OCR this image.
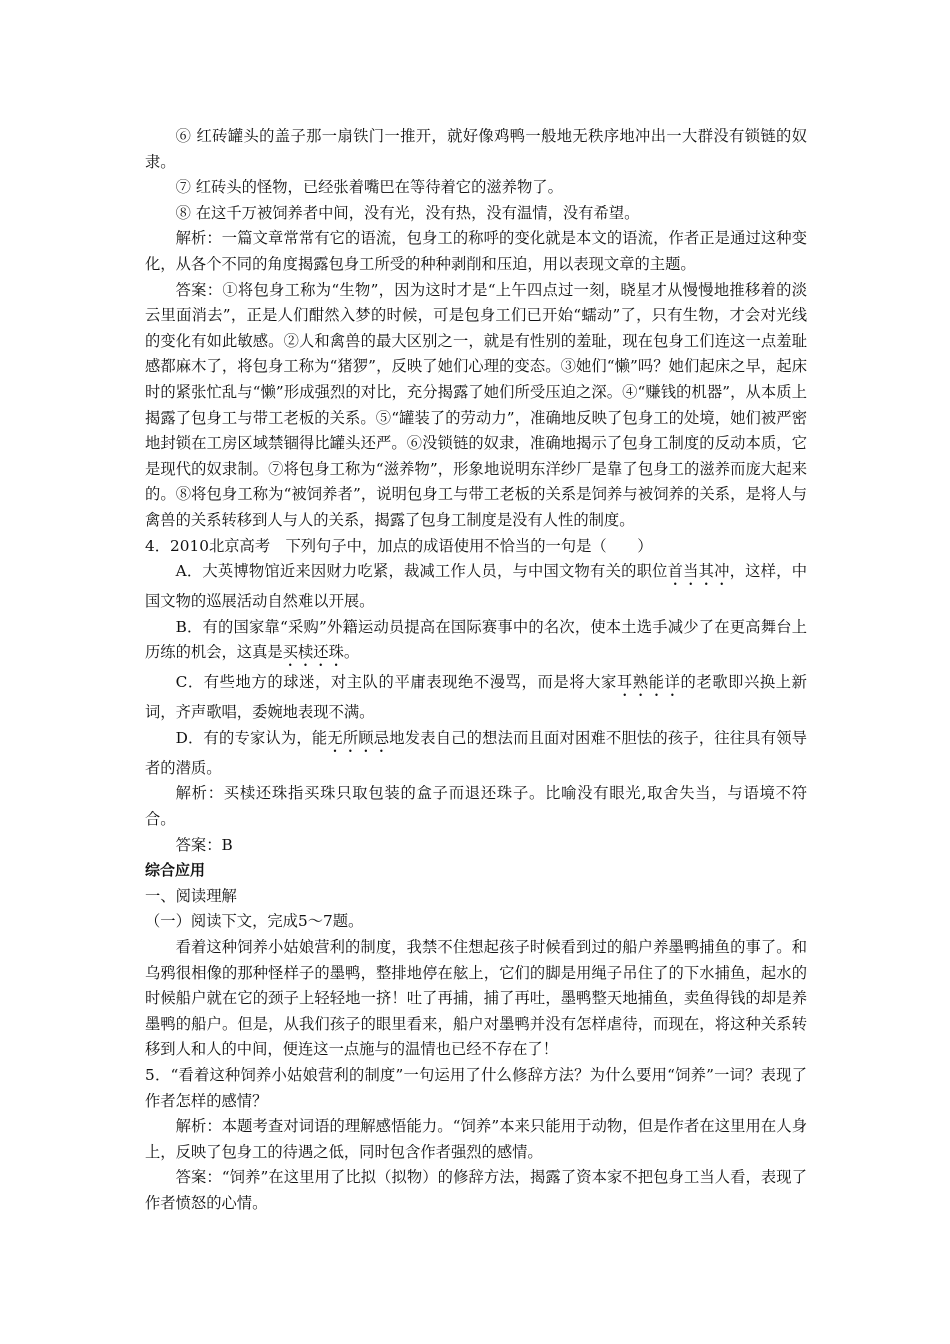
⑥ 红砖罐头的盖子那一扇铁门一推开，就好像鸡鸭一般地无秩序地冲出一大群没有锁链的奴隶。

⑦ 红砖头的怪物，已经张着嘴巴在等待着它的滋养物了。

⑧ 在这千万被饲养者中间，没有光，没有热，没有温情，没有希望。

解析：一篇文章常常有它的语流，包身工的称呼的变化就是本文的语流，作者正是通过这种变化，从各个不同的角度揭露包身工所受的种种剥削和压迫，用以表现文章的主题。

答案：①将包身工称为“生物”，因为这时才是“上午四点过一刻，晓星才从慢慢地推移着的淡云里面消去”，正是人们酣然入梦的时候，可是包身工们已开始“蠕动”了，只有生物，才会对光线的变化有如此敏感。②人和禽兽的最大区别之一，就是有性别的羞耻，现在包身工们连这一点羞耻感都麻木了，将包身工称为“猪猡”，反映了她们心理的变态。③她们“懒”吗？她们起床之早，起床时的紧张忙乱与“懒”形成强烈的对比，充分揭露了她们所受压迫之深。④“赚钱的机器”，从本质上揭露了包身工与带工老板的关系。⑤“罐装了的劳动力”，准确地反映了包身工的处境，她们被严密地封锁在工房区域禁锢得比罐头还严。⑥没锁链的奴隶，准确地揭示了包身工制度的反动本质，它是现代的奴隶制。⑦将包身工称为“滋养物”，形象地说明东洋纱厂是靠了包身工的滋养而庞大起来的。⑧将包身工称为“被饲养者”，说明包身工与带工老板的关系是饲养与被饲养的关系，是将人与禽兽的关系转移到人与人的关系，揭露了包身工制度是没有人性的制度。

4．2010北京高考　下列句子中，加点的成语使用不恰当的一句是（　　）

A．大英博物馆近来因财力吃紧，裁减工作人员，与中国文物有关的职位首当其冲，这样，中国文物的巡展活动自然难以开展。

B．有的国家靠“采购”外籍运动员提高在国际赛事中的名次，使本土选手减少了在更高舞台上历练的机会，这真是买椟还珠。

C．有些地方的球迷，对主队的平庸表现绝不漫骂，而是将大家耳熟能详的老歌即兴换上新词，齐声歌唱，委婉地表现不满。

D．有的专家认为，能无所顾忌地发表自己的想法而且面对困难不胆怯的孩子，往往具有领导者的潜质。

解析：买椟还珠指买珠只取包装的盒子而退还珠子。比喻没有眼光,取舍失当，与语境不符合。

答案：B

综合应用

一、阅读理解

（一）阅读下文，完成5～7题。

看着这种饲养小姑娘营利的制度，我禁不住想起孩子时候看到过的船户养墨鸭捕鱼的事了。和乌鸦很相像的那种怪样子的墨鸭，整排地停在舷上，它们的脚是用绳子吊住了的下水捕鱼，起水的时候船户就在它的颈子上轻轻地一挤！吐了再捕，捕了再吐，墨鸭整天地捕鱼，卖鱼得钱的却是养墨鸭的船户。但是，从我们孩子的眼里看来，船户对墨鸭并没有怎样虐待，而现在，将这种关系转移到人和人的中间，便连这一点施与的温情也已经不存在了！

5．“看着这种饲养小姑娘营利的制度”一句运用了什么修辞方法？为什么要用“饲养”一词？表现了作者怎样的感情？

解析：本题考查对词语的理解感悟能力。“饲养”本来只能用于动物，但是作者在这里用在人身上，反映了包身工的待遇之低，同时包含作者强烈的感情。

答案：“饲养”在这里用了比拟（拟物）的修辞方法，揭露了资本家不把包身工当人看，表现了作者愤怒的心情。
